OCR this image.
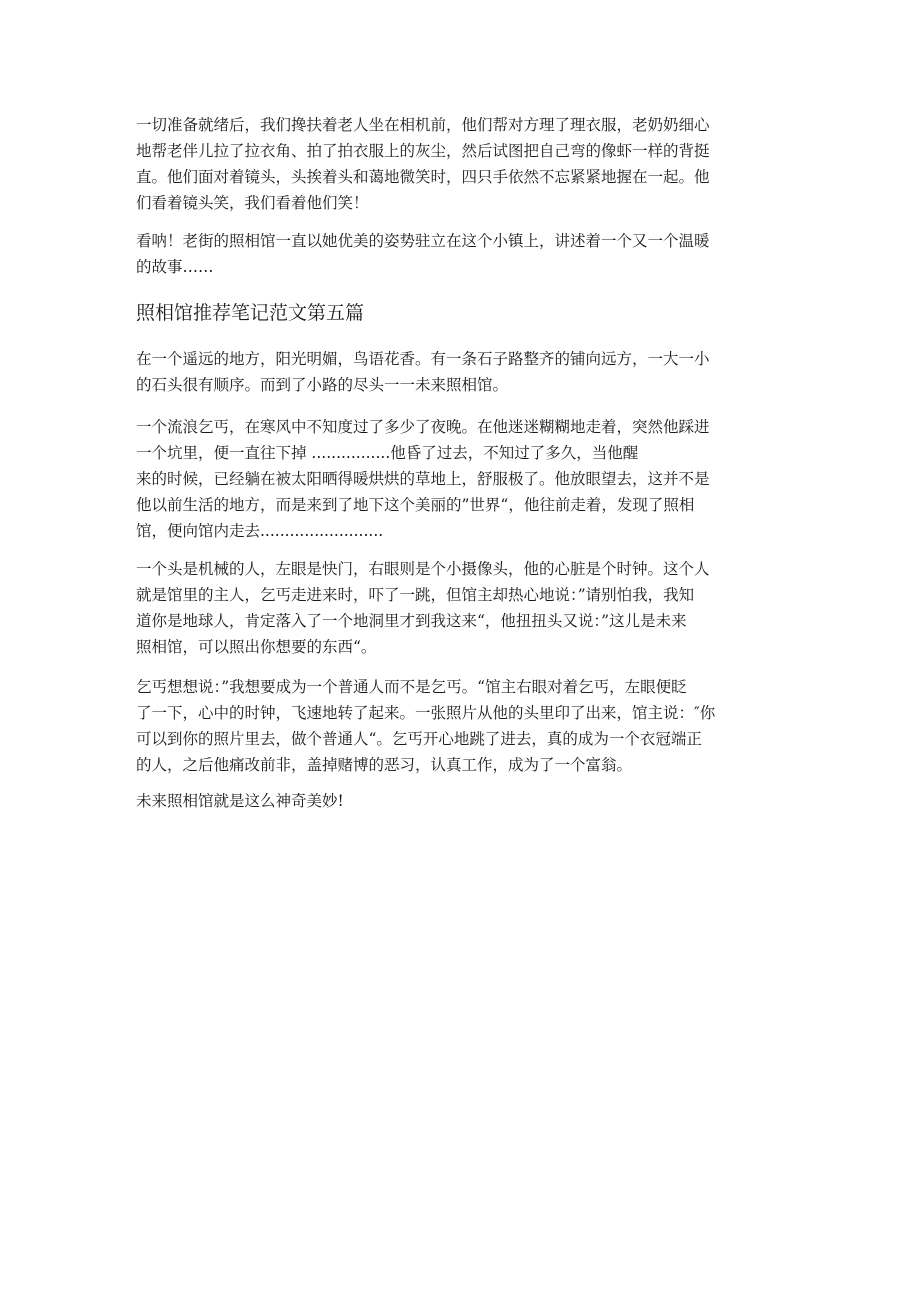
一切准备就绪后，我们搀扶着老人坐在相机前，他们帮对方理了理衣服，老奶奶细心
地帮老伴儿拉了拉衣角、拍了拍衣服上的灰尘，然后试图把自己弯的像虾一样的背挺
直。他们面对着镜头，头挨着头和蔼地微笑时，四只手依然不忘紧紧地握在一起。他
们看着镜头笑，我们看着他们笑！
看呐！老街的照相馆一直以她优美的姿势驻立在这个小镇上，讲述着一个又一个温暖
的故事……
照相馆推荐笔记范文第五篇
在一个遥远的地方，阳光明媚，鸟语花香。有一条石子路整齐的铺向远方，一大一小
的石头很有顺序。而到了小路的尽头一一未来照相馆。
一个流浪乞丐，在寒风中不知度过了多少了夜晚。在他迷迷糊糊地走着，突然他踩进
一个坑里，便一直往下掉 ................他昏了过去，不知过了多久，当他醒
来的时候，已经躺在被太阳晒得暖烘烘的草地上，舒服极了。他放眼望去，这并不是
他以前生活的地方，而是来到了地下这个美丽的”世界“，他往前走着，发现了照相
馆，便向馆内走去.........................
一个头是机械的人，左眼是快门，右眼则是个小摄像头，他的心脏是个时钟。这个人
就是馆里的主人，乞丐走进来时，吓了一跳，但馆主却热心地说：”请别怕我，我知
道你是地球人，肯定落入了一个地洞里才到我这来“，他扭扭头又说：”这儿是未来
照相馆，可以照出你想要的东西“。
乞丐想想说：”我想要成为一个普通人而不是乞丐。“馆主右眼对着乞丐，左眼便眨
了一下，心中的时钟，飞速地转了起来。一张照片从他的头里印了出来，馆主说：″你
可以到你的照片里去，做个普通人“。乞丐开心地跳了进去，真的成为一个衣冠端正
的人，之后他痛改前非，盖掉赌博的恶习，认真工作，成为了一个富翁。
未来照相馆就是这么神奇美妙!
